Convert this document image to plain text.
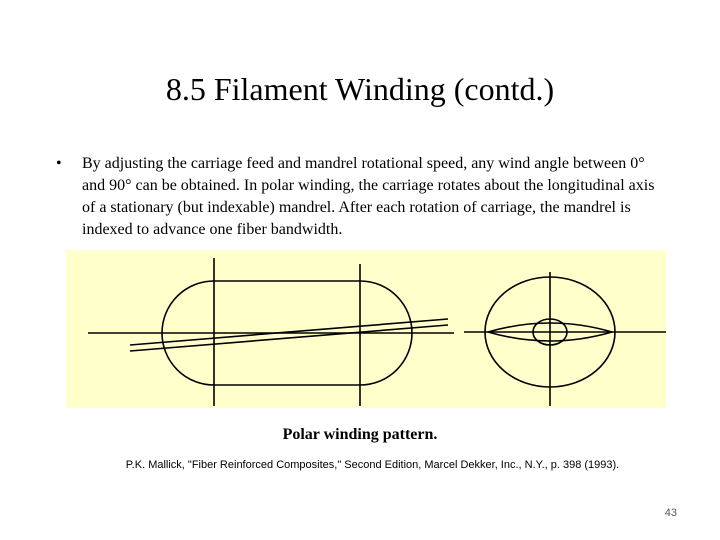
8.5 Filament Winding (contd.)
• By adjusting the carriage feed and mandrel rotational speed, any wind angle between 0° and 90° can be obtained. In polar winding, the carriage rotates about the longitudinal axis of a stationary (but indexable) mandrel. After each rotation of carriage, the mandrel is indexed to advance one fiber bandwidth.
Polar winding pattern.
P.K. Mallick, "Fiber Reinforced Composites," Second Edition, Marcel Dekker, Inc., N.Y., p. 398 (1993).
43
